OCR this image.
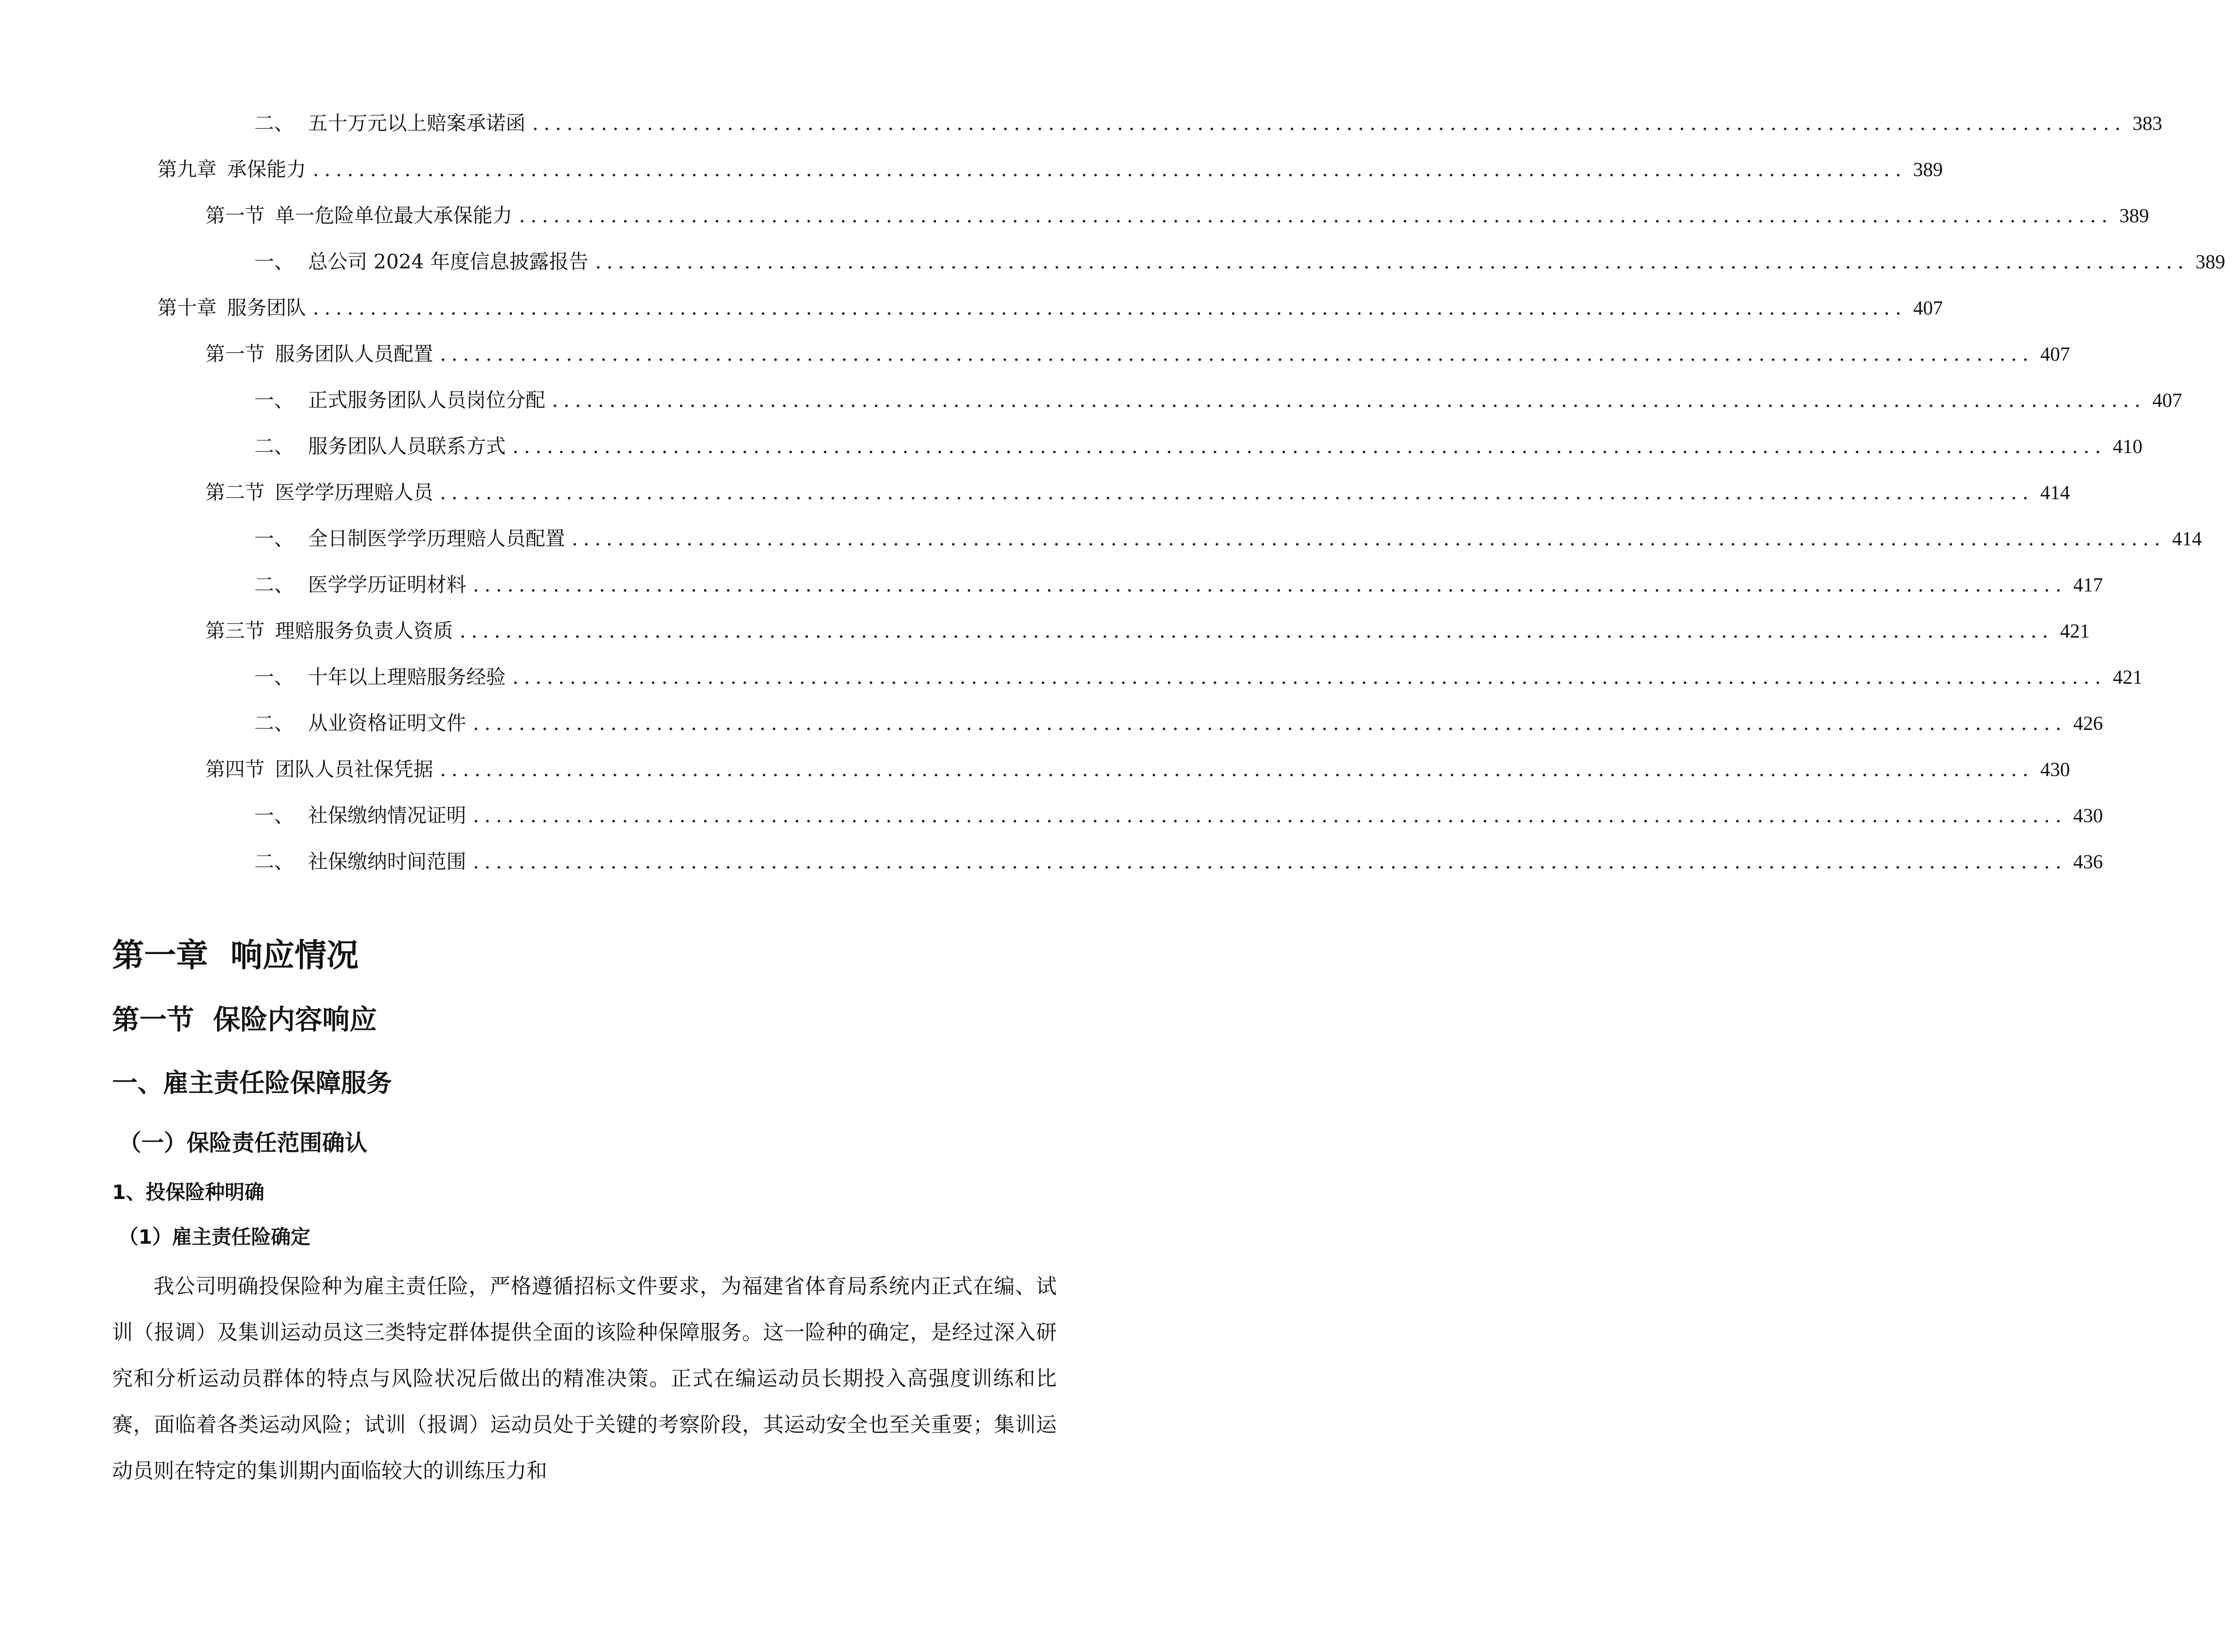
二、 五十万元以上赔案承诺函 ........................................................................................................................................... 383
第九章 承保能力 ........................................................................................................................................... 389
第一节 单一危险单位最大承保能力 ........................................................................................................................................... 389
一、 总公司 2024 年度信息披露报告 ........................................................................................................................................... 389
第十章 服务团队 ........................................................................................................................................... 407
第一节 服务团队人员配置 ........................................................................................................................................... 407
一、 正式服务团队人员岗位分配 ........................................................................................................................................... 407
二、 服务团队人员联系方式 ........................................................................................................................................... 410
第二节 医学学历理赔人员 ........................................................................................................................................... 414
一、 全日制医学学历理赔人员配置 ........................................................................................................................................... 414
二、 医学学历证明材料 ........................................................................................................................................... 417
第三节 理赔服务负责人资质 ........................................................................................................................................... 421
一、 十年以上理赔服务经验 ........................................................................................................................................... 421
二、 从业资格证明文件 ........................................................................................................................................... 426
第四节 团队人员社保凭据 ........................................................................................................................................... 430
一、 社保缴纳情况证明 ........................................................................................................................................... 430
二、 社保缴纳时间范围 ........................................................................................................................................... 436
第一章  响应情况
第一节  保险内容响应
一、雇主责任险保障服务
（一）保险责任范围确认
1、投保险种明确
（1）雇主责任险确定

我公司明确投保险种为雇主责任险，严格遵循招标文件要求，为福建省体育局系统内正式在编、试训（报调）及集训运动员这三类特定群体提供全面的该险种保障服务。这一险种的确定，是经过深入研究和分析运动员群体的特点与风险状况后做出的精准决策。正式在编运动员长期投入高强度训练和比赛，面临着各类运动风险；试训（报调）运动员处于关键的考察阶段，其运动安全也至关重要；集训运动员则在特定的集训期内面临较大的训练压力和
